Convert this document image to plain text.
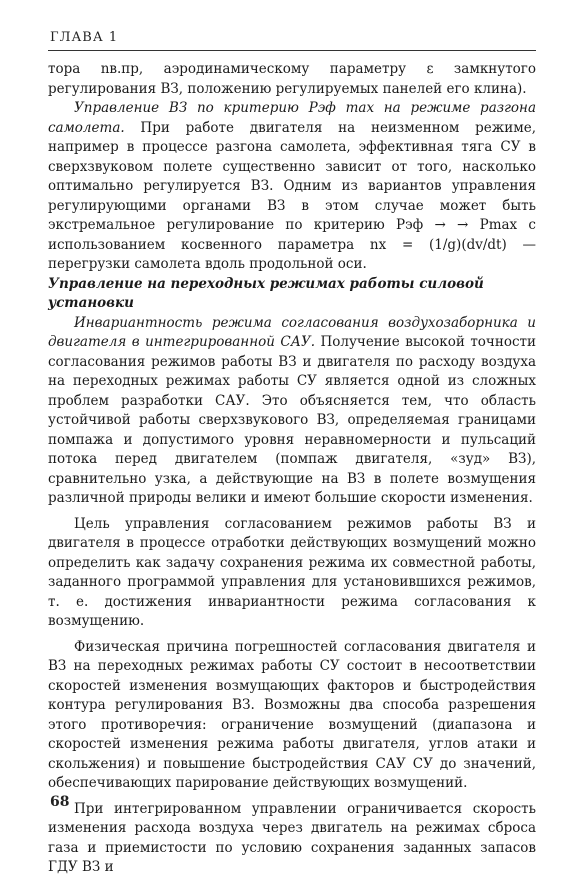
ГЛАВА 1

тора nв.пр, аэродинамическому параметру ε замкнутого регулирования ВЗ, положению регулируемых панелей его клина).

Управление ВЗ по критерию Pэф max на режиме разгона самолета. При работе двигателя на неизменном режиме, например в процессе разгона самолета, эффективная тяга СУ в сверхзвуковом полете существенно зависит от того, насколько оптимально регулируется ВЗ. Одним из вариантов управления регулирующими органами ВЗ в этом случае может быть экстремальное регулирование по критерию Pэф → → Pmax с использованием косвенного параметра nx = (1/g)(dv/dt) — перегрузки самолета вдоль продольной оси.

Управление на переходных режимах работы силовой установки

Инвариантность режима согласования воздухозаборника и двигателя в интегрированной САУ. Получение высокой точности согласования режимов работы ВЗ и двигателя по расходу воздуха на переходных режимах работы СУ является одной из сложных проблем разработки САУ. Это объясняется тем, что область устойчивой работы сверхзвукового ВЗ, определяемая границами помпажа и допустимого уровня неравномерности и пульсаций потока перед двигателем (помпаж двигателя, «зуд» ВЗ), сравнительно узка, а действующие на ВЗ в полете возмущения различной природы велики и имеют большие скорости изменения.

Цель управления согласованием режимов работы ВЗ и двигателя в процессе отработки действующих возмущений можно определить как задачу сохранения режима их совместной работы, заданного программой управления для установившихся режимов, т. е. достижения инвариантности режима согласования к возмущению.

Физическая причина погрешностей согласования двигателя и ВЗ на переходных режимах работы СУ состоит в несоответствии скоростей изменения возмущающих факторов и быстродействия контура регулирования ВЗ. Возможны два способа разрешения этого противоречия: ограничение возмущений (диапазона и скоростей изменения режима работы двигателя, углов атаки и скольжения) и повышение быстродействия САУ СУ до значений, обеспечивающих парирование действующих возмущений.

При интегрированном управлении ограничивается скорость изменения расхода воздуха через двигатель на режимах сброса газа и приемистости по условию сохранения заданных запасов ГДУ ВЗ и

68
